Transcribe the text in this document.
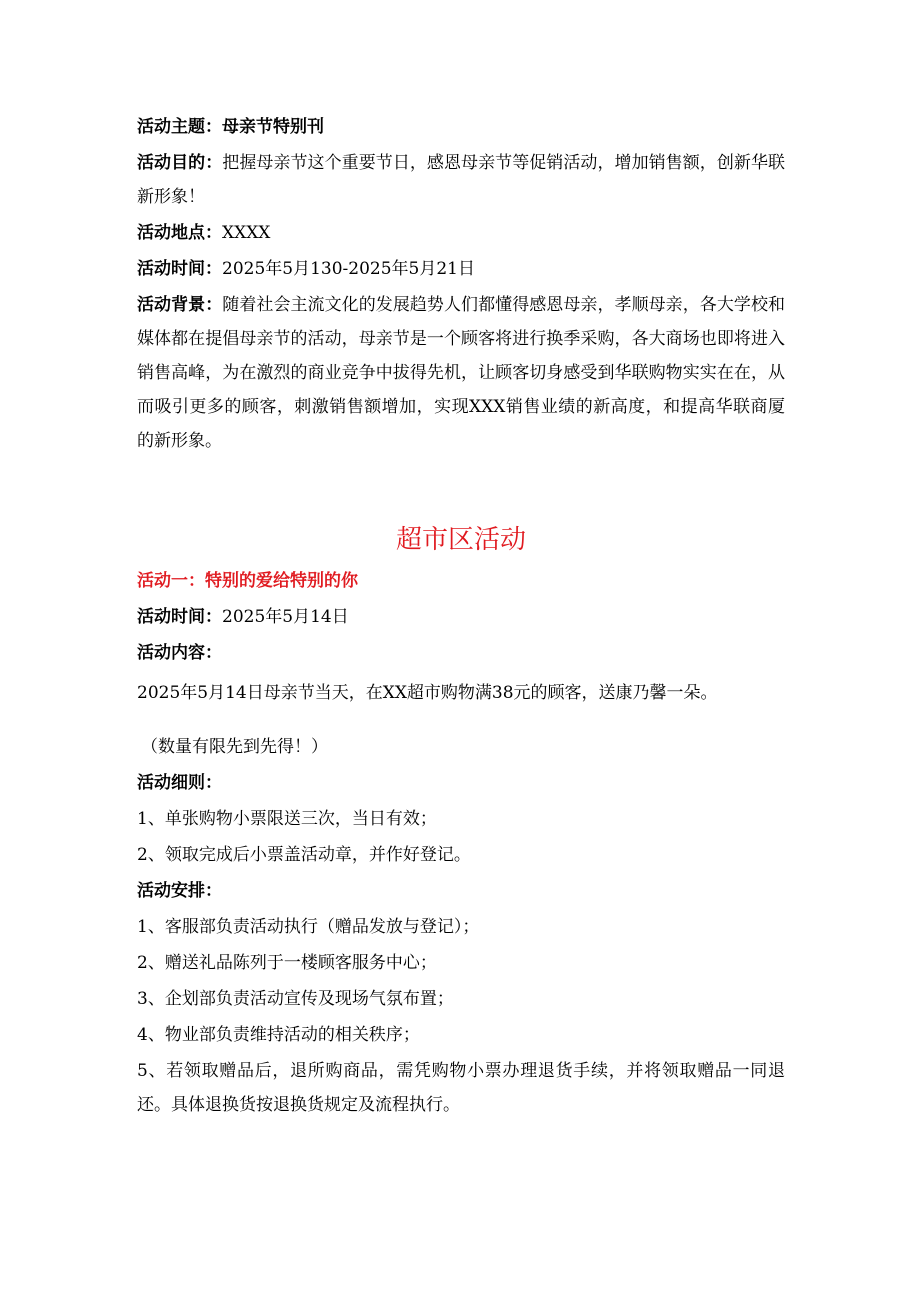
活动主题：母亲节特别刊

活动目的：把握母亲节这个重要节日，感恩母亲节等促销活动，增加销售额，创新华联新形象！

活动地点：XXXX

活动时间：2025年5月130-2025年5月21日

活动背景：随着社会主流文化的发展趋势人们都懂得感恩母亲，孝顺母亲，各大学校和媒体都在提倡母亲节的活动，母亲节是一个顾客将进行换季采购，各大商场也即将进入销售高峰，为在激烈的商业竞争中拔得先机，让顾客切身感受到华联购物实实在在，从而吸引更多的顾客，刺激销售额增加，实现XXX销售业绩的新高度，和提高华联商厦的新形象。

超市区活动

活动一：特别的爱给特别的你

活动时间：2025年5月14日

活动内容：

2025年5月14日母亲节当天，在XX超市购物满38元的顾客，送康乃馨一朵。

（数量有限先到先得！）

活动细则：

1、单张购物小票限送三次，当日有效；

2、领取完成后小票盖活动章，并作好登记。

活动安排：

1、客服部负责活动执行（赠品发放与登记）；

2、赠送礼品陈列于一楼顾客服务中心；

3、企划部负责活动宣传及现场气氛布置；

4、物业部负责维持活动的相关秩序；

5、若领取赠品后，退所购商品，需凭购物小票办理退货手续，并将领取赠品一同退还。具体退换货按退换货规定及流程执行。
